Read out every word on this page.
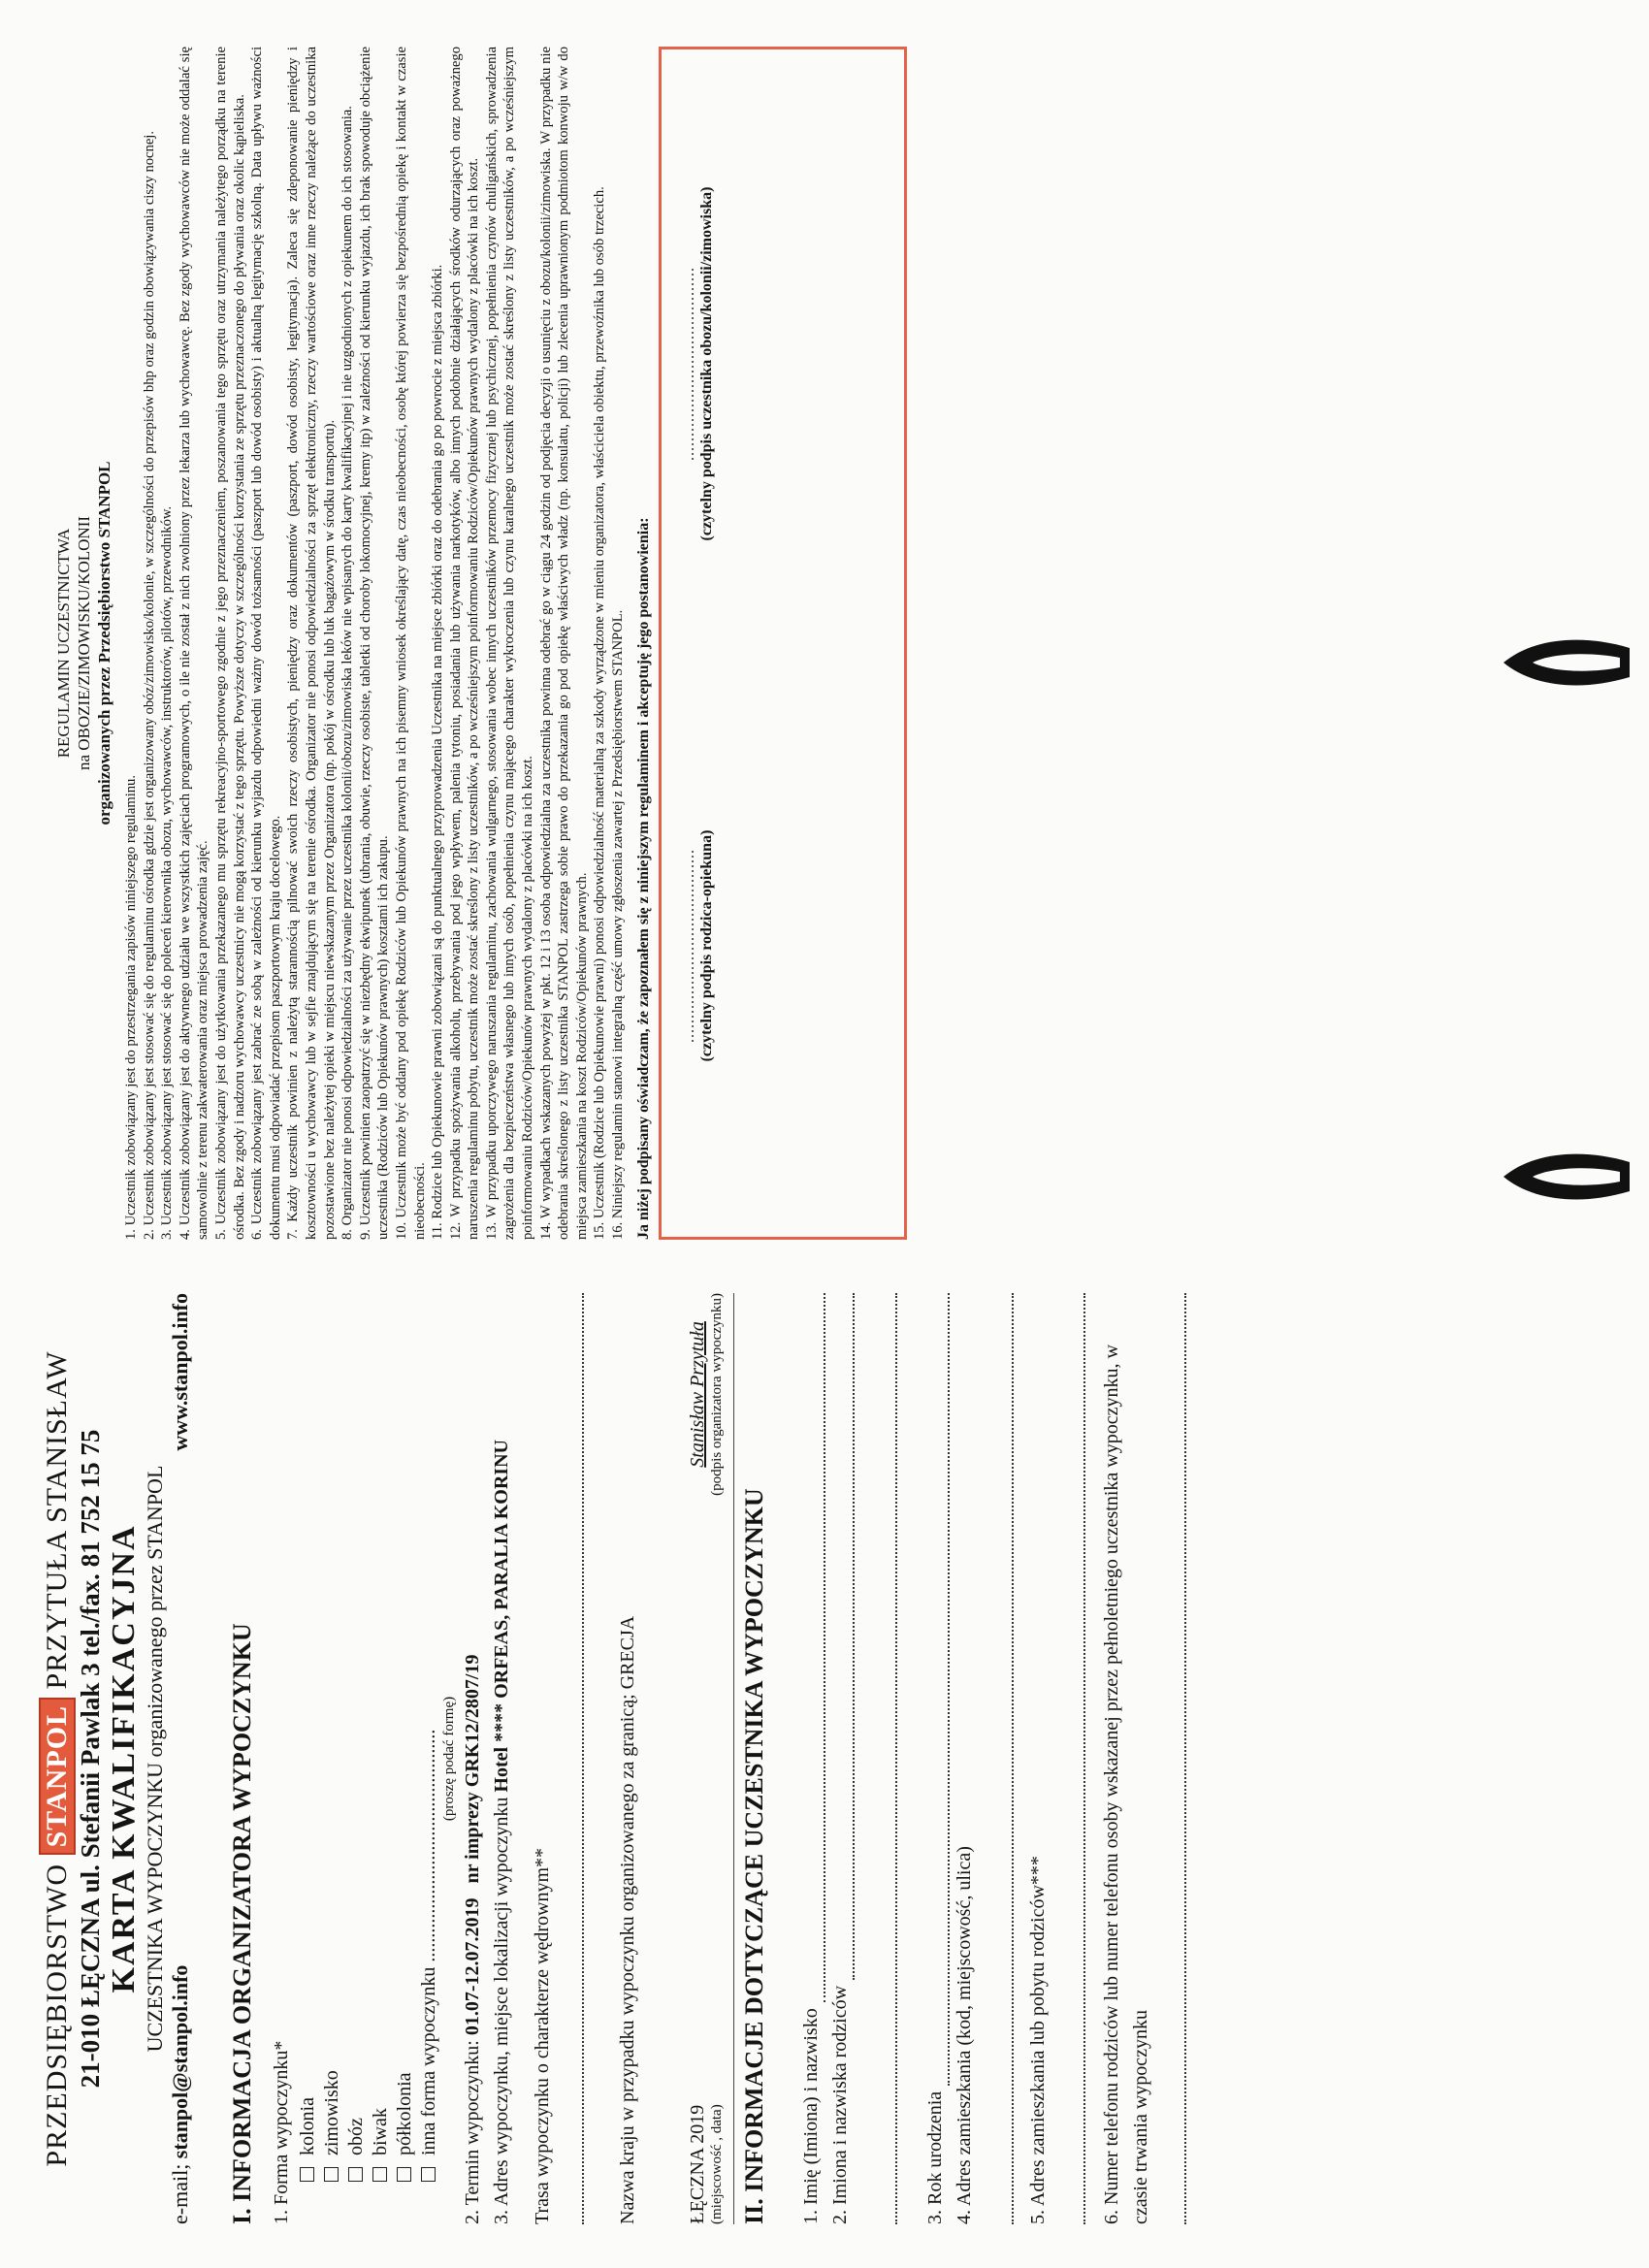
PRZEDSIĘBIORSTWO STANPOL PRZYTUŁA STANISŁAW 21-010 ŁĘCZNA ul. Stefanii Pawlak 3 tel./fax. 81 752 15 75 KARTA KWALIFIKACYJNA UCZESTNIKA WYPOCZYNKU organizowanego przez STANPOL
e-mail; stanpol@stanpol.info
www.stanpol.info
I. INFORMACJA ORGANIZATORA WYPOCZYNKU 1. Forma wypoczynku* kolonia zimowisko obóz biwak półkolonia inna forma wypoczynku ................................................ (proszę podać formę)
2. Termin wypoczynku: 01.07-12.07.2019   nr imprezy GRK12/2807/19
3. Adres wypoczynku, miejsce lokalizacji wypoczynku Hotel **** ORFEAS, PARALIA KORINU
Trasa wypoczynku o charakterze wędrownym**	Nazwa kraju w przypadku wypoczynku organizowanego za granicą; GRECJA	ŁĘCZNA 2019 (miejscowość , data)
Stanisław Przytuła (podpis organizatora wypoczynku)
II. INFORMACJE DOTYCZĄCE UCZESTNIKA WYPOCZYNKU 1. Imię (Imiona) i nazwisko 2. Imiona i nazwiska rodziców	3. Rok urodzenia 4. Adres zamieszkania (kod, miejscowość, ulica)	5. Adres zamieszkania lub pobytu rodziców***	6. Numer telefonu rodziców lub numer telefonu osoby wskazanej przez pełnoletniego uczestnika wypoczynku, w czasie trwania wypoczynku
REGULAMIN UCZESTNICTWA na OBOZIE/ZIMOWISKU/KOLONII organizowanych przez Przedsiębiorstwo STANPOL

1. Uczestnik zobowiązany jest do przestrzegania zapisów niniejszego regulaminu. 2. Uczestnik zobowiązany jest stosować się do regulaminu ośrodka gdzie jest organizowany obóz/zimowisko/kolonie, w szczególności do przepisów bhp oraz godzin obowiązywania ciszy nocnej. 3. Uczestnik zobowiązany jest stosować się do poleceń kierownika obozu, wychowawców, instruktorów, pilotów, przewodników. 4. Uczestnik zobowiązany jest do aktywnego udziału we wszystkich zajęciach programowych, o ile nie został z nich zwolniony przez lekarza lub wychowawcę. Bez zgody wychowawców nie może oddalać się samowolnie z terenu zakwaterowania oraz miejsca prowadzenia zajęć. 5. Uczestnik zobowiązany jest do użytkowania przekazanego mu sprzętu rekreacyjno-sportowego zgodnie z jego przeznaczeniem, poszanowania tego sprzętu oraz utrzymania należytego porządku na terenie ośrodka. Bez zgody i nadzoru wychowawcy uczestnicy nie mogą korzystać z tego sprzętu. Powyższe dotyczy w szczególności korzystania ze sprzętu przeznaczonego do pływania oraz okolic kąpieliska. 6. Uczestnik zobowiązany jest zabrać ze sobą w zależności od kierunku wyjazdu odpowiedni ważny dowód tożsamości (paszport lub dowód osobisty) i aktualną legitymację szkolną. Data upływu ważności dokumentu musi odpowiadać przepisom paszportowym kraju docelowego. 7. Każdy uczestnik powinien z należytą starannością pilnować swoich rzeczy osobistych, pieniędzy oraz dokumentów (paszport, dowód osobisty, legitymacja). Zaleca się zdeponowanie pieniędzy i kosztowności u wychowawcy lub w sejfie znajdującym się na terenie ośrodka. Organizator nie ponosi odpowiedzialności za sprzęt elektroniczny, rzeczy wartościowe oraz inne rzeczy należące do uczestnika pozostawione bez należytej opieki w miejscu niewskazanym przez Organizatora (np. pokój w ośrodku lub luk bagażowym w środku transportu). 8. Organizator nie ponosi odpowiedzialności za używanie przez uczestnika kolonii/obozu/zimowiska leków nie wpisanych do karty kwalifikacyjnej i nie uzgodnionych z opiekunem do ich stosowania. 9. Uczestnik powinien zaopatrzyć się w niezbędny ekwipunek (ubrania, obuwie, rzeczy osobiste, tabletki od choroby lokomocyjnej, kremy itp) w zależności od kierunku wyjazdu, ich brak spowoduje obciążenie uczestnika (Rodziców lub Opiekunów prawnych) kosztami ich zakupu. 10. Uczestnik może być oddany pod opiekę Rodziców lub Opiekunów prawnych na ich pisemny wniosek określający datę, czas nieobecności, osobę której powierza się bezpośrednią opiekę i kontakt w czasie nieobecności. 11. Rodzice lub Opiekunowie prawni zobowiązani są do punktualnego przyprowadzenia Uczestnika na miejsce zbiórki oraz do odebrania go po powrocie z miejsca zbiórki. 12. W przypadku spożywania alkoholu, przebywania pod jego wpływem, palenia tytoniu, posiadania lub używania narkotyków, albo innych podobnie działających środków odurzających oraz poważnego naruszenia regulaminu pobytu, uczestnik może zostać skreślony z listy uczestników, a po wcześniejszym poinformowaniu Rodziców/Opiekunów prawnych wydalony z placówki na ich koszt. 13. W przypadku uporczywego naruszania regulaminu, zachowania wulgarnego, stosowania wobec innych uczestników przemocy fizycznej lub psychicznej, popełnienia czynów chuligańskich, sprowadzenia zagrożenia dla bezpieczeństwa własnego lub innych osób, popełnienia czynu mającego charakter wykroczenia lub czynu karalnego uczestnik może zostać skreślony z listy uczestników, a po wcześniejszym poinformowaniu Rodziców/Opiekunów prawnych wydalony z placówki na ich koszt. 14. W wypadkach wskazanych powyżej w pkt. 12 i 13 osoba odpowiedzialna za uczestnika powinna odebrać go w ciągu 24 godzin od podjęcia decyzji o usunięciu z obozu/kolonii/zimowiska. W przypadku nie odebrania skreślonego z listy uczestnika STANPOL zastrzega sobie prawo do przekazania go pod opiekę właściwych władz (np. konsulatu, policji) lub zlecenia uprawnionym podmiotom konwoju w/w do miejsca zamieszkania na koszt Rodziców/Opiekunów prawnych. 15. Uczestnik (Rodzice lub Opiekunowie prawni) ponosi odpowiedzialność materialną za szkody wyrządzone w mieniu organizatora, właściciela obiektu, przewoźnika lub osób trzecich. 16. Niniejszy regulamin stanowi integralną część umowy zgłoszenia zawartej z Przedsiębiorstwem STANPOL. Ja niżej podpisany oświadczam, że zapoznałem się z niniejszym regulaminem i akceptuję jego postanowienia: ........................................ (czytelny podpis rodzica-opiekuna)
........................................ (czytelny podpis uczestnika obozu/kolonii/zimowiska)
